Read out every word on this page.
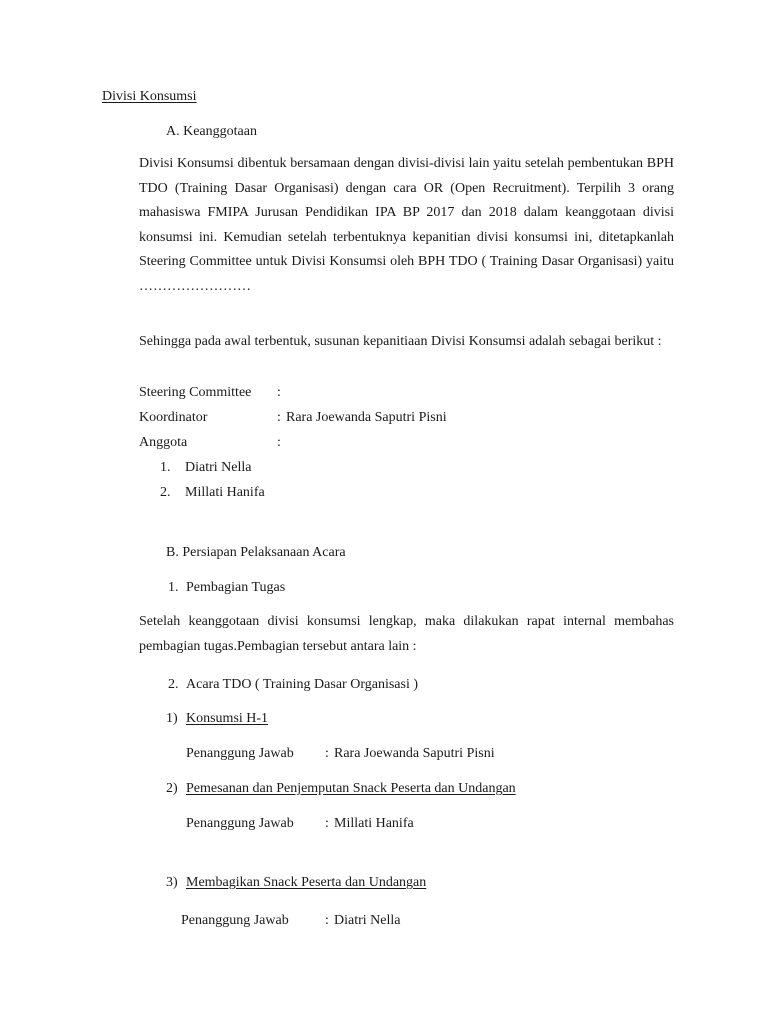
Divisi Konsumsi
A. Keanggotaan

Divisi Konsumsi dibentuk bersamaan dengan divisi-divisi lain yaitu setelah pembentukan BPH TDO (Training Dasar Organisasi) dengan cara OR (Open Recruitment). Terpilih 3 orang mahasiswa FMIPA Jurusan Pendidikan IPA BP 2017 dan 2018 dalam keanggotaan divisi konsumsi ini. Kemudian setelah terbentuknya kepanitian divisi konsumsi ini, ditetapkanlah Steering Committee untuk Divisi Konsumsi oleh BPH TDO ( Training Dasar Organisasi) yaitu ……………………

Sehingga pada awal terbentuk, susunan kepanitiaan Divisi Konsumsi adalah sebagai berikut :

Steering Committee :
Koordinator	: Rara Joewanda Saputri Pisni
Anggota	:
1. Diatri Nella
2. Millati Hanifa
B. Persiapan Pelaksanaan Acara
1. Pembagian Tugas

Setelah keanggotaan divisi konsumsi lengkap, maka dilakukan rapat internal membahas pembagian tugas.Pembagian tersebut antara lain :

2. Acara TDO ( Training Dasar Organisasi )
1) Konsumsi H-1
Penanggung Jawab : Rara Joewanda Saputri Pisni
2) Pemesanan dan Penjemputan Snack Peserta dan Undangan
Penanggung Jawab : Millati Hanifa
3) Membagikan Snack Peserta dan Undangan
Penanggung Jawab	: Diatri Nella
